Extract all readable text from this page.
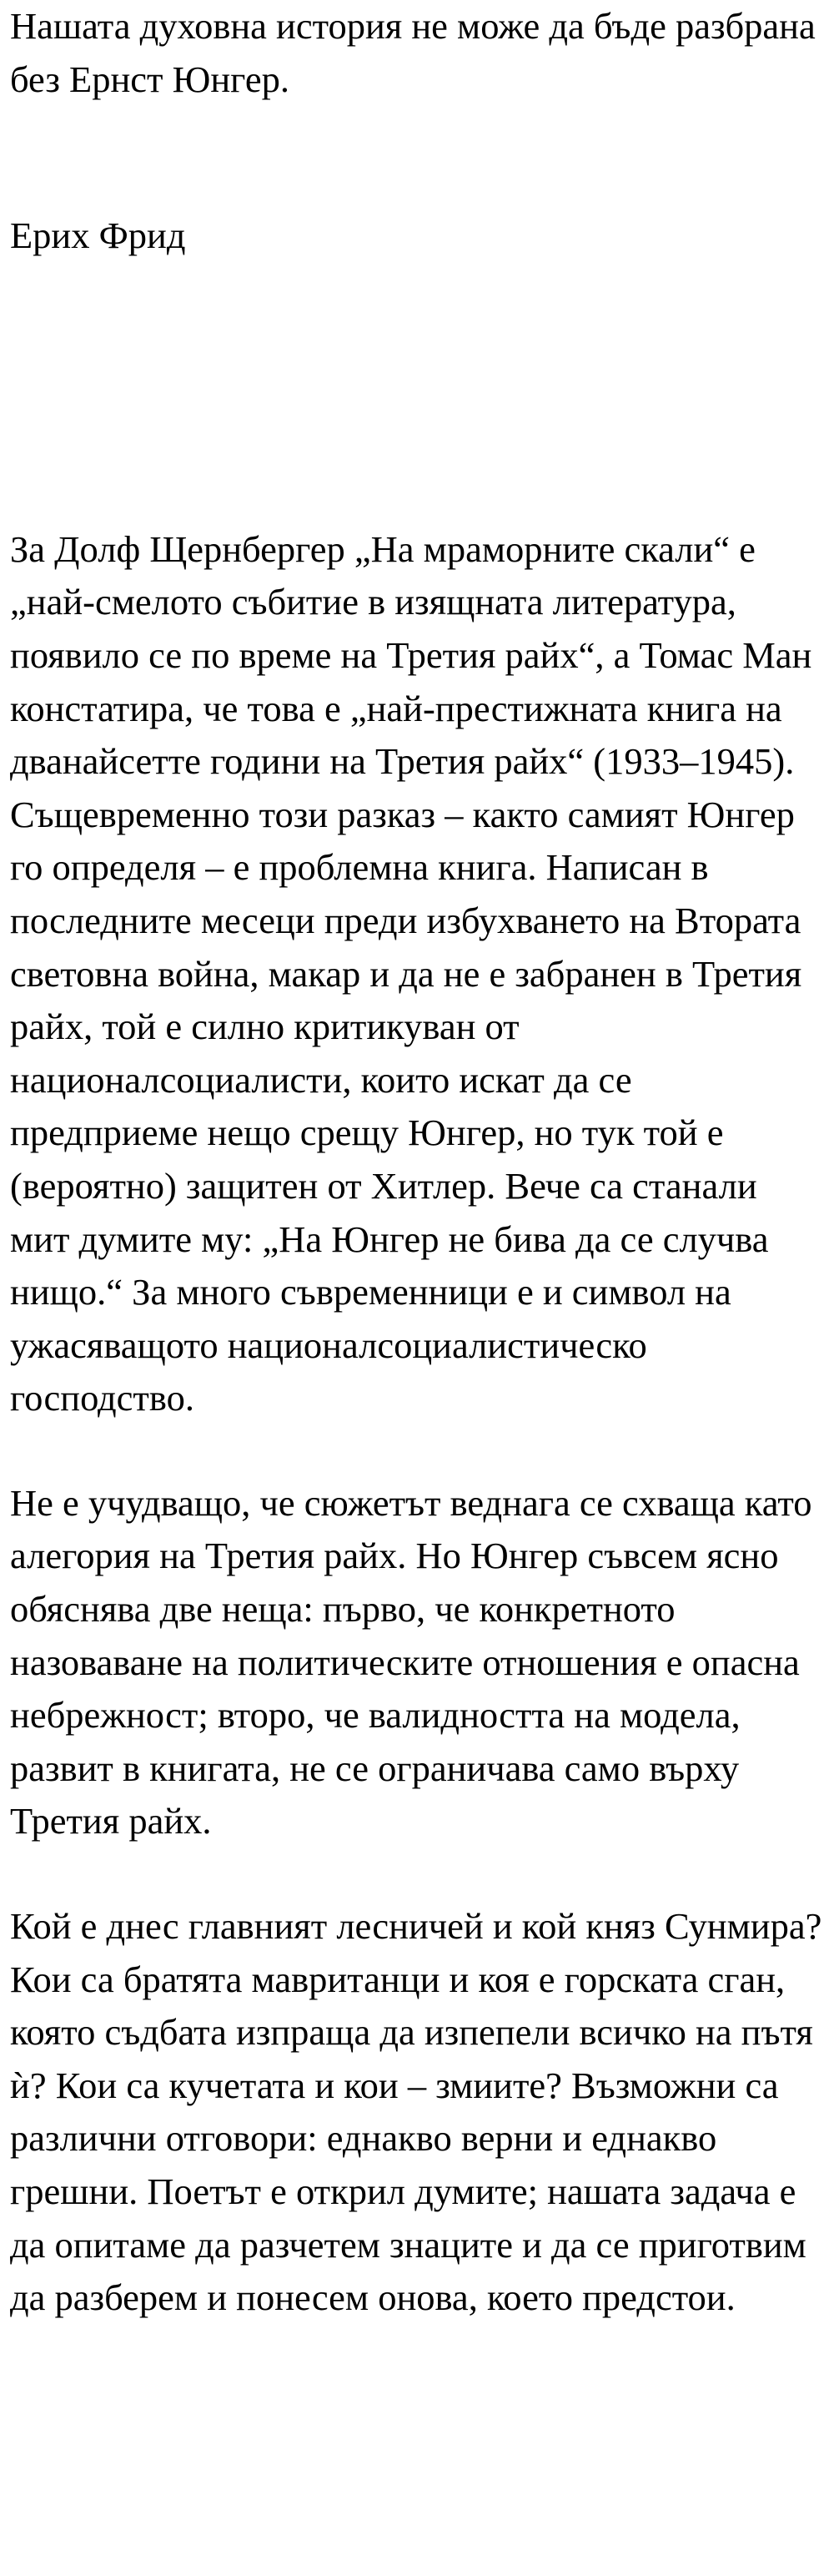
Нашата духовна история не може да бъде разбрана без Ернст Юнгер.

Ерих Фрид

За Долф Щернбергер „На мраморните скали“ е „най-смелото събитие в изящната литература, появило се по време на Третия райх“, а Томас Ман констатира, че това е „най-престижната книга на дванайсетте години на Третия райх“ (1933–1945). Същевременно този разказ – както самият Юнгер го определя – е проблемна книга. Написан в последните месеци преди избухването на Втората световна война, макар и да не е забранен в Третия райх, той е силно критикуван от националсоциалисти, които искат да се предприеме нещо срещу Юнгер, но тук той е (вероятно) защитен от Хитлер. Вече са станали мит думите му: „На Юнгер не бива да се случва нищо.“ За много съвременници е и символ на ужасяващото националсоциалистическо господство.

Не е учудващо, че сюжетът веднага се схваща като алегория на Третия райх. Но Юнгер съвсем ясно обяснява две неща: първо, че конкретното назоваване на политическите отношения е опасна небрежност; второ, че валидността на модела, развит в книгата, не се ограничава само върху Третия райх.

Кой е днес главният лесничей и кой княз Сунмира? Кои са братята мавританци и коя е горската сган, която съдбата изпраща да изпепели всичко на пътя ѝ? Кои са кучетата и кои – змиите? Възможни са различни отговори: еднакво верни и еднакво грешни. Поетът е открил думите; нашата задача е да опитаме да разчетем знаците и да се приготвим да разберем и понесем онова, което предстои.
